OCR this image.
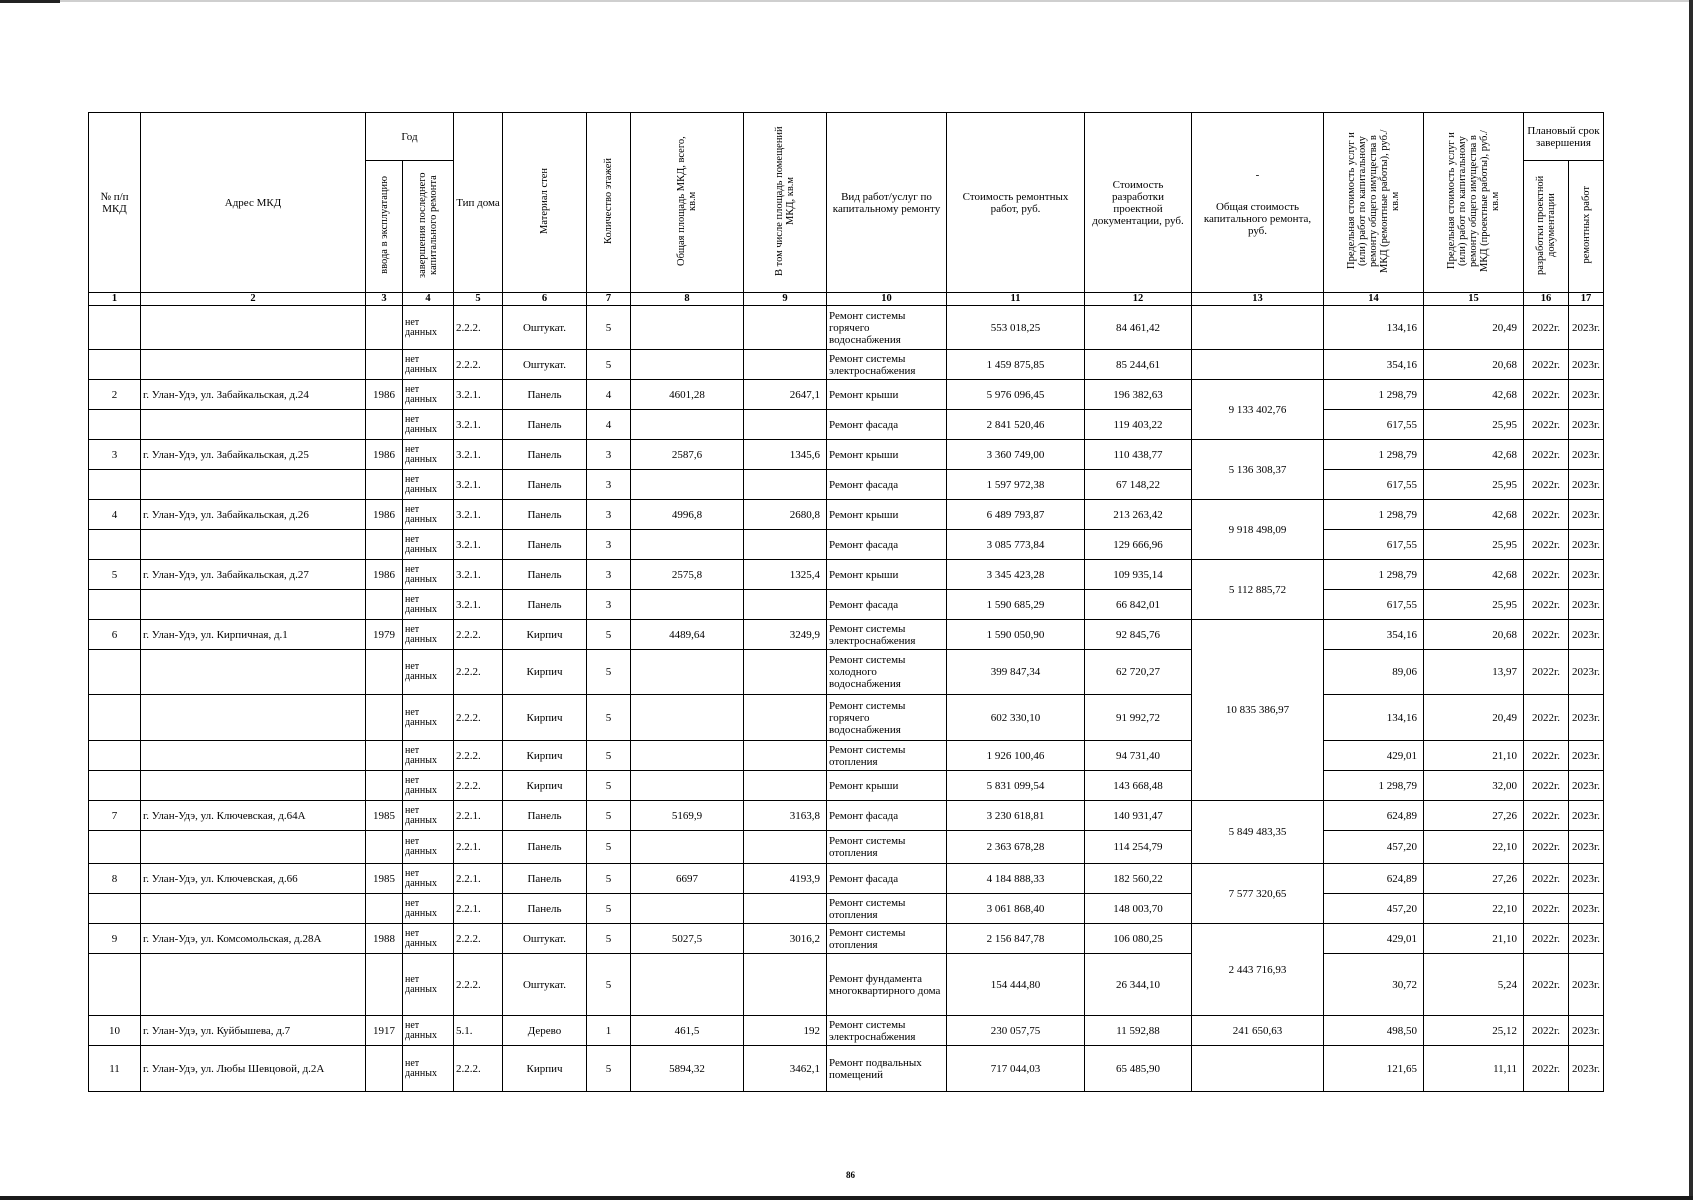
№ п/п МКД	Адрес МКД	Год		Тип дома	Материал стен	Количество этажей	Общая площадь МКД, всего, кв.м	В том числе площадь помещений МКД, кв.м	Вид работ/услуг по капитальному ремонту	Стоимость ремонтных работ, руб.	Стоимость разработки проектной документации, руб.	-
Общая стоимость капитального ремонта, руб.	Предельная стоимость услуг и (или) работ по капитальному ремонту общего имущества в МКД (ремонтные работы), руб./кв.м	Предельная стоимость услуг и (или) работ по капитальному ремонту общего имущества в МКД (проектные работы), руб./кв.м	Плановый срок завершения	
		ввода в эксплуатацию	завершения последнего капитального ремонта												разработки проектной документации	ремонтных работ
1	2	3	4	5	6	7	8	9	10	11	12	13	14	15	16	17
			нет данных	2.2.2.	Оштукат.	5			Ремонт системы горячего водоснабжения	553 018,25	84 461,42		134,16	20,49	2022г.	2023г.
			нет данных	2.2.2.	Оштукат.	5			Ремонт системы электроснабжения	1 459 875,85	85 244,61		354,16	20,68	2022г.	2023г.
2	г. Улан-Удэ, ул. Забайкальская, д.24	1986	нет данных	3.2.1.	Панель	4	4601,28	2647,1	Ремонт крыши	5 976 096,45	196 382,63	9 133 402,76	1 298,79	42,68	2022г.	2023г.
			нет данных	3.2.1.	Панель	4			Ремонт фасада	2 841 520,46	119 403,22		617,55	25,95	2022г.	2023г.
3	г. Улан-Удэ, ул. Забайкальская, д.25	1986	нет данных	3.2.1.	Панель	3	2587,6	1345,6	Ремонт крыши	3 360 749,00	110 438,77	5 136 308,37	1 298,79	42,68	2022г.	2023г.
			нет данных	3.2.1.	Панель	3			Ремонт фасада	1 597 972,38	67 148,22		617,55	25,95	2022г.	2023г.
4	г. Улан-Удэ, ул. Забайкальская, д.26	1986	нет данных	3.2.1.	Панель	3	4996,8	2680,8	Ремонт крыши	6 489 793,87	213 263,42	9 918 498,09	1 298,79	42,68	2022г.	2023г.
			нет данных	3.2.1.	Панель	3			Ремонт фасада	3 085 773,84	129 666,96		617,55	25,95	2022г.	2023г.
5	г. Улан-Удэ, ул. Забайкальская, д.27	1986	нет данных	3.2.1.	Панель	3	2575,8	1325,4	Ремонт крыши	3 345 423,28	109 935,14	5 112 885,72	1 298,79	42,68	2022г.	2023г.
			нет данных	3.2.1.	Панель	3			Ремонт фасада	1 590 685,29	66 842,01		617,55	25,95	2022г.	2023г.
6	г. Улан-Удэ, ул. Кирпичная, д.1	1979	нет данных	2.2.2.	Кирпич	5	4489,64	3249,9	Ремонт системы электроснабжения	1 590 050,90	92 845,76	10 835 386,97	354,16	20,68	2022г.	2023г.
			нет данных	2.2.2.	Кирпич	5			Ремонт системы холодного водоснабжения	399 847,34	62 720,27		89,06	13,97	2022г.	2023г.
			нет данных	2.2.2.	Кирпич	5			Ремонт системы горячего водоснабжения	602 330,10	91 992,72		134,16	20,49	2022г.	2023г.
			нет данных	2.2.2.	Кирпич	5			Ремонт системы отопления	1 926 100,46	94 731,40		429,01	21,10	2022г.	2023г.
			нет данных	2.2.2.	Кирпич	5			Ремонт крыши	5 831 099,54	143 668,48		1 298,79	32,00	2022г.	2023г.
7	г. Улан-Удэ, ул. Ключевская, д.64А	1985	нет данных	2.2.1.	Панель	5	5169,9	3163,8	Ремонт фасада	3 230 618,81	140 931,47	5 849 483,35	624,89	27,26	2022г.	2023г.
			нет данных	2.2.1.	Панель	5			Ремонт системы отопления	2 363 678,28	114 254,79		457,20	22,10	2022г.	2023г.
8	г. Улан-Удэ, ул. Ключевская, д.66	1985	нет данных	2.2.1.	Панель	5	6697	4193,9	Ремонт фасада	4 184 888,33	182 560,22	7 577 320,65	624,89	27,26	2022г.	2023г.
			нет данных	2.2.1.	Панель	5			Ремонт системы отопления	3 061 868,40	148 003,70		457,20	22,10	2022г.	2023г.
9	г. Улан-Удэ, ул. Комсомольская, д.28А	1988	нет данных	2.2.2.	Оштукат.	5	5027,5	3016,2	Ремонт системы отопления	2 156 847,78	106 080,25	2 443 716,93	429,01	21,10	2022г.	2023г.
			нет данных	2.2.2.	Оштукат.	5			Ремонт фундамента многоквартирного дома	154 444,80	26 344,10		30,72	5,24	2022г.	2023г.
10	г. Улан-Удэ, ул. Куйбышева, д.7	1917	нет данных	5.1.	Дерево	1	461,5	192	Ремонт системы электроснабжения	230 057,75	11 592,88	241 650,63	498,50	25,12	2022г.	2023г.
11	г. Улан-Удэ, ул. Любы Шевцовой, д.2А		нет данных	2.2.2.	Кирпич	5	5894,32	3462,1	Ремонт подвальных помещений	717 044,03	65 485,90		121,65	11,11	2022г.	2023г.
86
